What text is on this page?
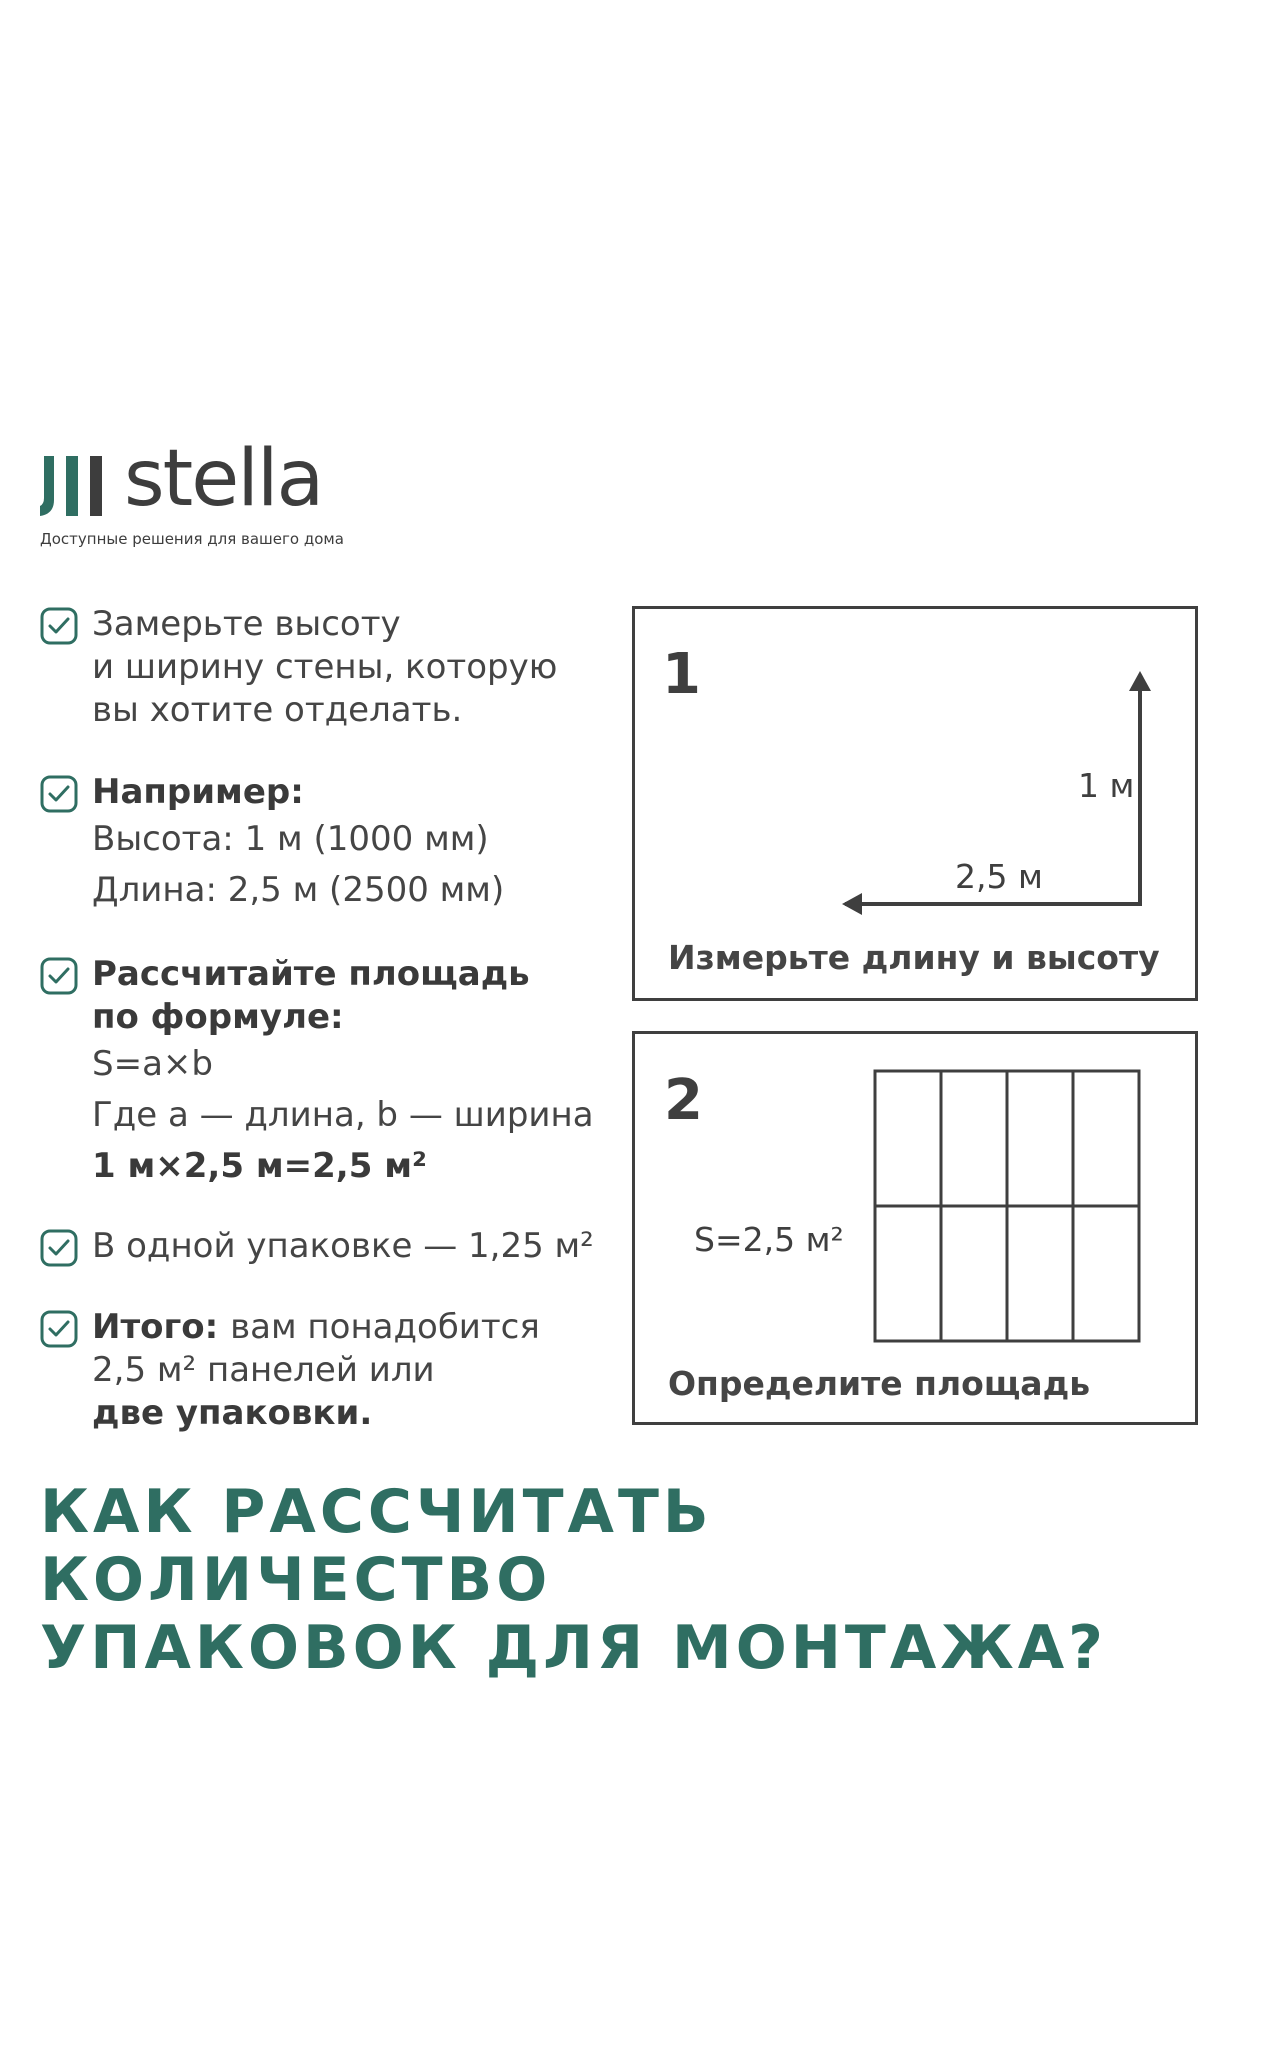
stella
Доступные решения для вашего дома
Замерьте высоту
и ширину стены, которую
вы хотите отделать.
Например:
Высота: 1 м (1000 мм)
Длина: 2,5 м (2500 мм)
Рассчитайте площадь
по формуле:
S=a×b
Где a — длина, b — ширина
1 м×2,5 м=2,5 м²
В одной упаковке — 1,25 м²
Итого: вам понадобится
2,5 м² панелей или
две упаковки.
1
1 м
2,5 м
Измерьте длину и высоту
2
S=2,5 м²
Определите площадь
КАК РАССЧИТАТЬ КОЛИЧЕСТВО
УПАКОВОК ДЛЯ МОНТАЖА?
